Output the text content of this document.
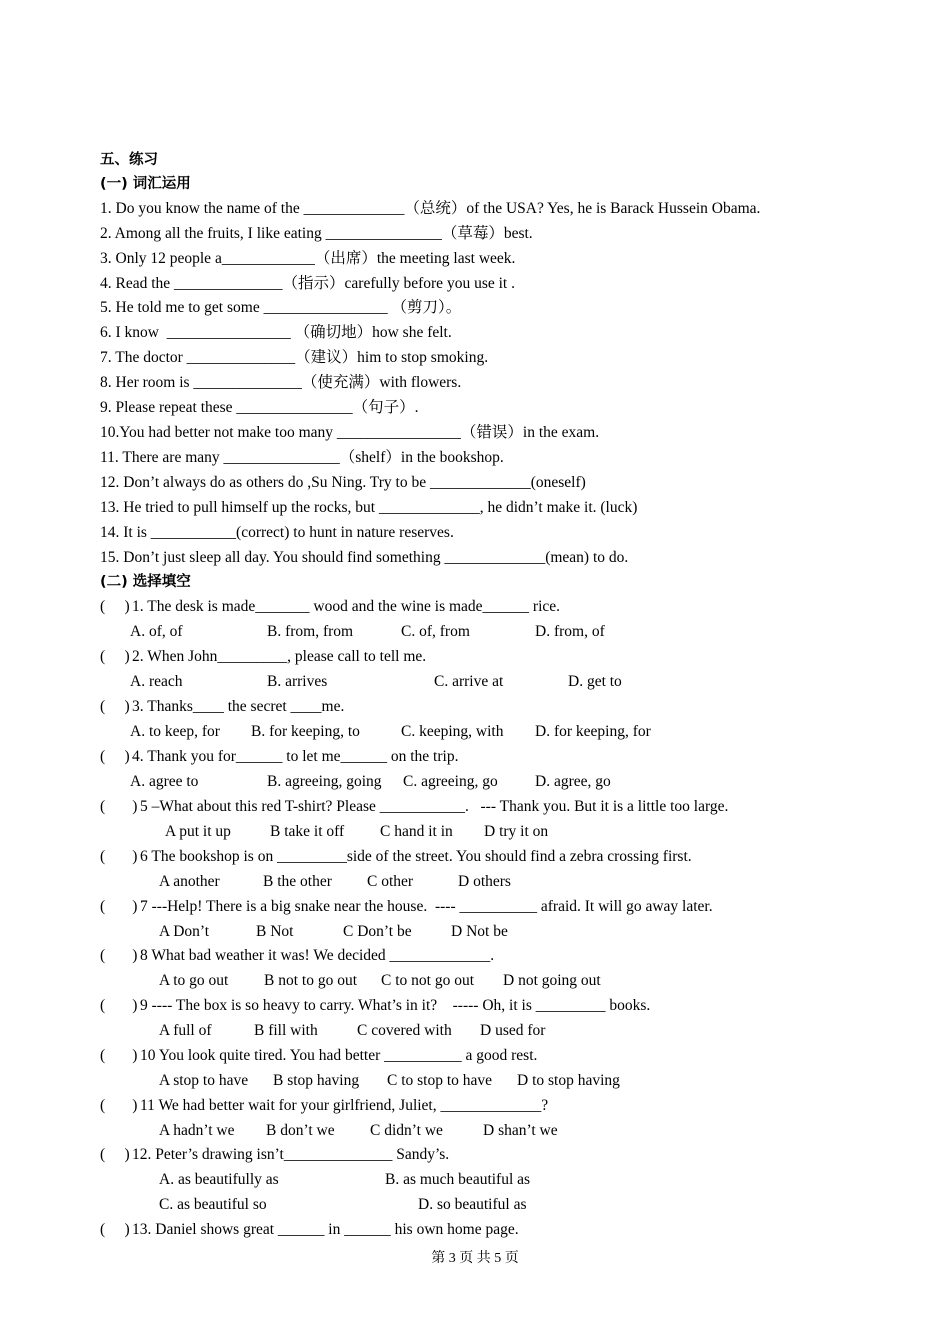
五、练习
(一) 词汇运用
1. Do you know the name of the _____________（总统）of the USA? Yes, he is Barack Hussein Obama.
2. Among all the fruits, I like eating _______________（草莓）best.
3. Only 12 people a____________（出席）the meeting last week.
4. Read the ______________（指示）carefully before you use it .
5. He told me to get some ________________ （剪刀）。
6. I know  ________________ （确切地）how she felt.
7. The doctor ______________（建议）him to stop smoking.
8. Her room is ______________（使充满）with flowers.
9. Please repeat these _______________（句子）.
10.You had better not make too many ________________（错误）in the exam.
11. There are many _______________（shelf）in the bookshop.
12. Don’t always do as others do ,Su Ning. Try to be _____________(oneself)
13. He tried to pull himself up the rocks, but _____________, he didn’t make it. (luck)
14. It is ___________(correct) to hunt in nature reserves.
15. Don’t just sleep all day. You should find something _____________(mean) to do.
(二) 选择填空
( ) 1. The desk is made_______ wood and the wine is made______ rice.
A. of, of	B. from, from	C. of, from	D. from, of
( ) 2. When John_________, please call to tell me.
A. reach	B. arrives	C. arrive at	D. get to
( ) 3. Thanks____ the secret ____me.
A. to keep, for B. for keeping, to	C. keeping, with D. for keeping, for
( ) 4. Thank you for______ to let me______ on the trip.
A. agree to	B. agreeing, going C. agreeing, go D. agree, go
( ) 5 –What about this red T-shirt? Please ___________.   --- Thank you. But it is a little too large.
A put it up	B take it off C hand it in D try it on
( ) 6 The bookshop is on _________side of the street. You should find a zebra crossing first.
A another	B the other C other	D others
( ) 7 ---Help! There is a big snake near the house.  ---- __________ afraid. It will go away later.
A Don’t	B Not	C Don’t be	D Not be
( ) 8 What bad weather it was! We decided _____________.
A to go out B not to go out C to not go out D not going out
( ) 9 ---- The box is so heavy to carry. What’s in it?    ----- Oh, it is _________ books.
A full of	B fill with	C covered with D used for
( ) 10 You look quite tired. You had better __________ a good rest.
A stop to have B stop having C to stop to have D to stop having
( ) 11 We had better wait for your girlfriend, Juliet, _____________?
A hadn’t we B don’t we C didn’t we	D shan’t we
( ) 12. Peter’s drawing isn’t______________ Sandy’s.
A. as beautifully as	B. as much beautiful as
C. as beautiful so	D. so beautiful as
( ) 13. Daniel shows great ______ in ______ his own home page.
第 3 页 共 5 页
